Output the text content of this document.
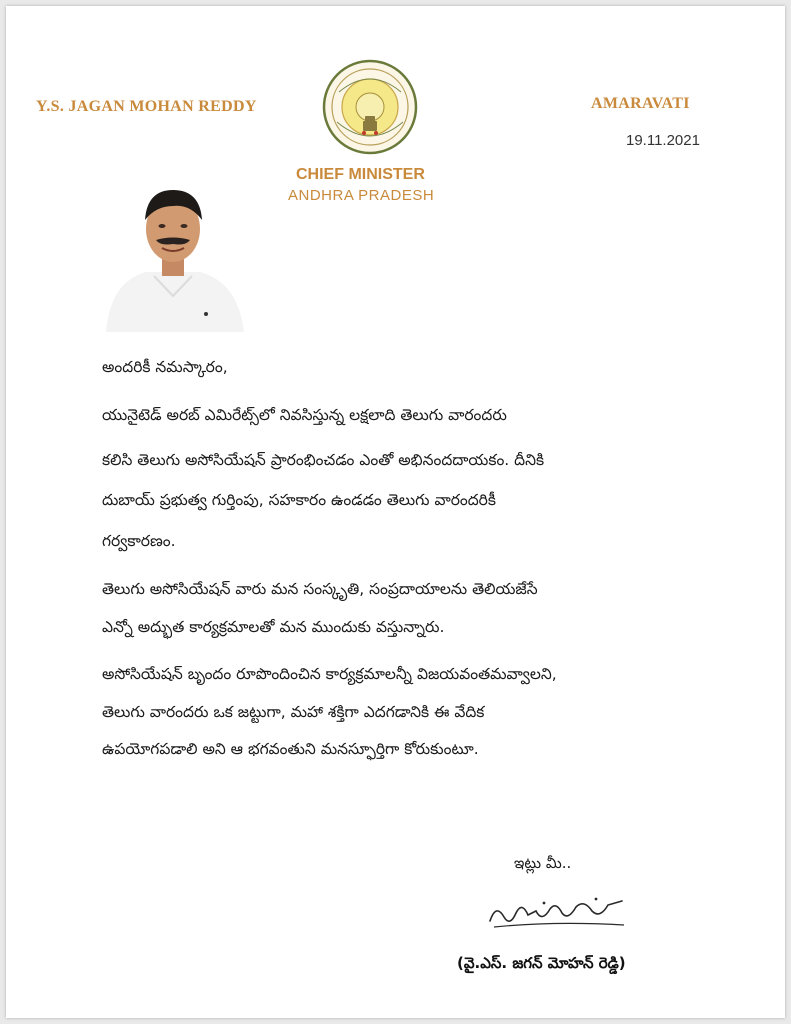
Y.S. JAGAN MOHAN REDDY	AMARAVATI
19.11.2021
CHIEF MINISTER
ANDHRA PRADESH
అందరికీ నమస్కారం,
యునైటెడ్ అరబ్ ఎమిరేట్స్‌లో నివసిస్తున్న లక్షలాది తెలుగు వారందరు
కలిసి తెలుగు అసోసియేషన్ ప్రారంభించడం ఎంతో అభినందదాయకం. దీనికి
దుబాయ్ ప్రభుత్వ గుర్తింపు, సహకారం ఉండడం తెలుగు వారందరికీ
గర్వకారణం.
తెలుగు అసోసియేషన్ వారు మన సంస్కృతి, సంప్రదాయాలను తెలియజేసే
ఎన్నో అద్భుత కార్యక్రమాలతో మన ముందుకు వస్తున్నారు.
అసోసియేషన్ బృందం రూపొందించిన కార్యక్రమాలన్నీ విజయవంతమవ్వాలని,
తెలుగు వారందరు ఒక జట్టుగా, మహా శక్తిగా ఎదగడానికి ఈ వేదిక
ఉపయోగపడాలి అని ఆ భగవంతుని మనస్ఫూర్తిగా కోరుకుంటూ.
ఇట్లు మీ..
(వై.ఎస్. జగన్ మోహన్ రెడ్డి)
